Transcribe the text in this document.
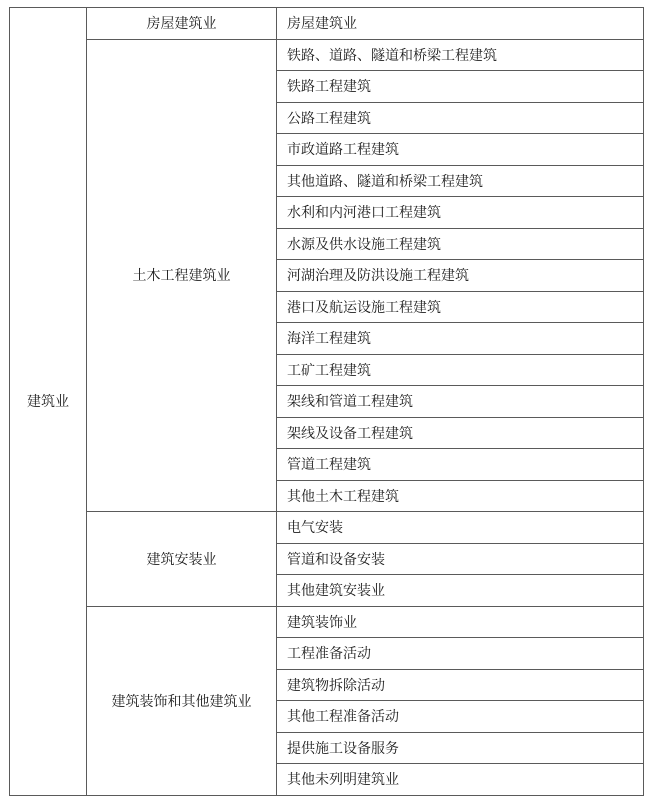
建筑业	房屋建筑业	房屋建筑业
	土木工程建筑业	铁路、道路、隧道和桥梁工程建筑
		铁路工程建筑
		公路工程建筑
		市政道路工程建筑
		其他道路、隧道和桥梁工程建筑
		水利和内河港口工程建筑
		水源及供水设施工程建筑
		河湖治理及防洪设施工程建筑
		港口及航运设施工程建筑
		海洋工程建筑
		工矿工程建筑
		架线和管道工程建筑
		架线及设备工程建筑
		管道工程建筑
		其他土木工程建筑
	建筑安装业	电气安装
		管道和设备安装
		其他建筑安装业
	建筑装饰和其他建筑业	建筑装饰业
		工程准备活动
		建筑物拆除活动
		其他工程准备活动
		提供施工设备服务
		其他未列明建筑业
